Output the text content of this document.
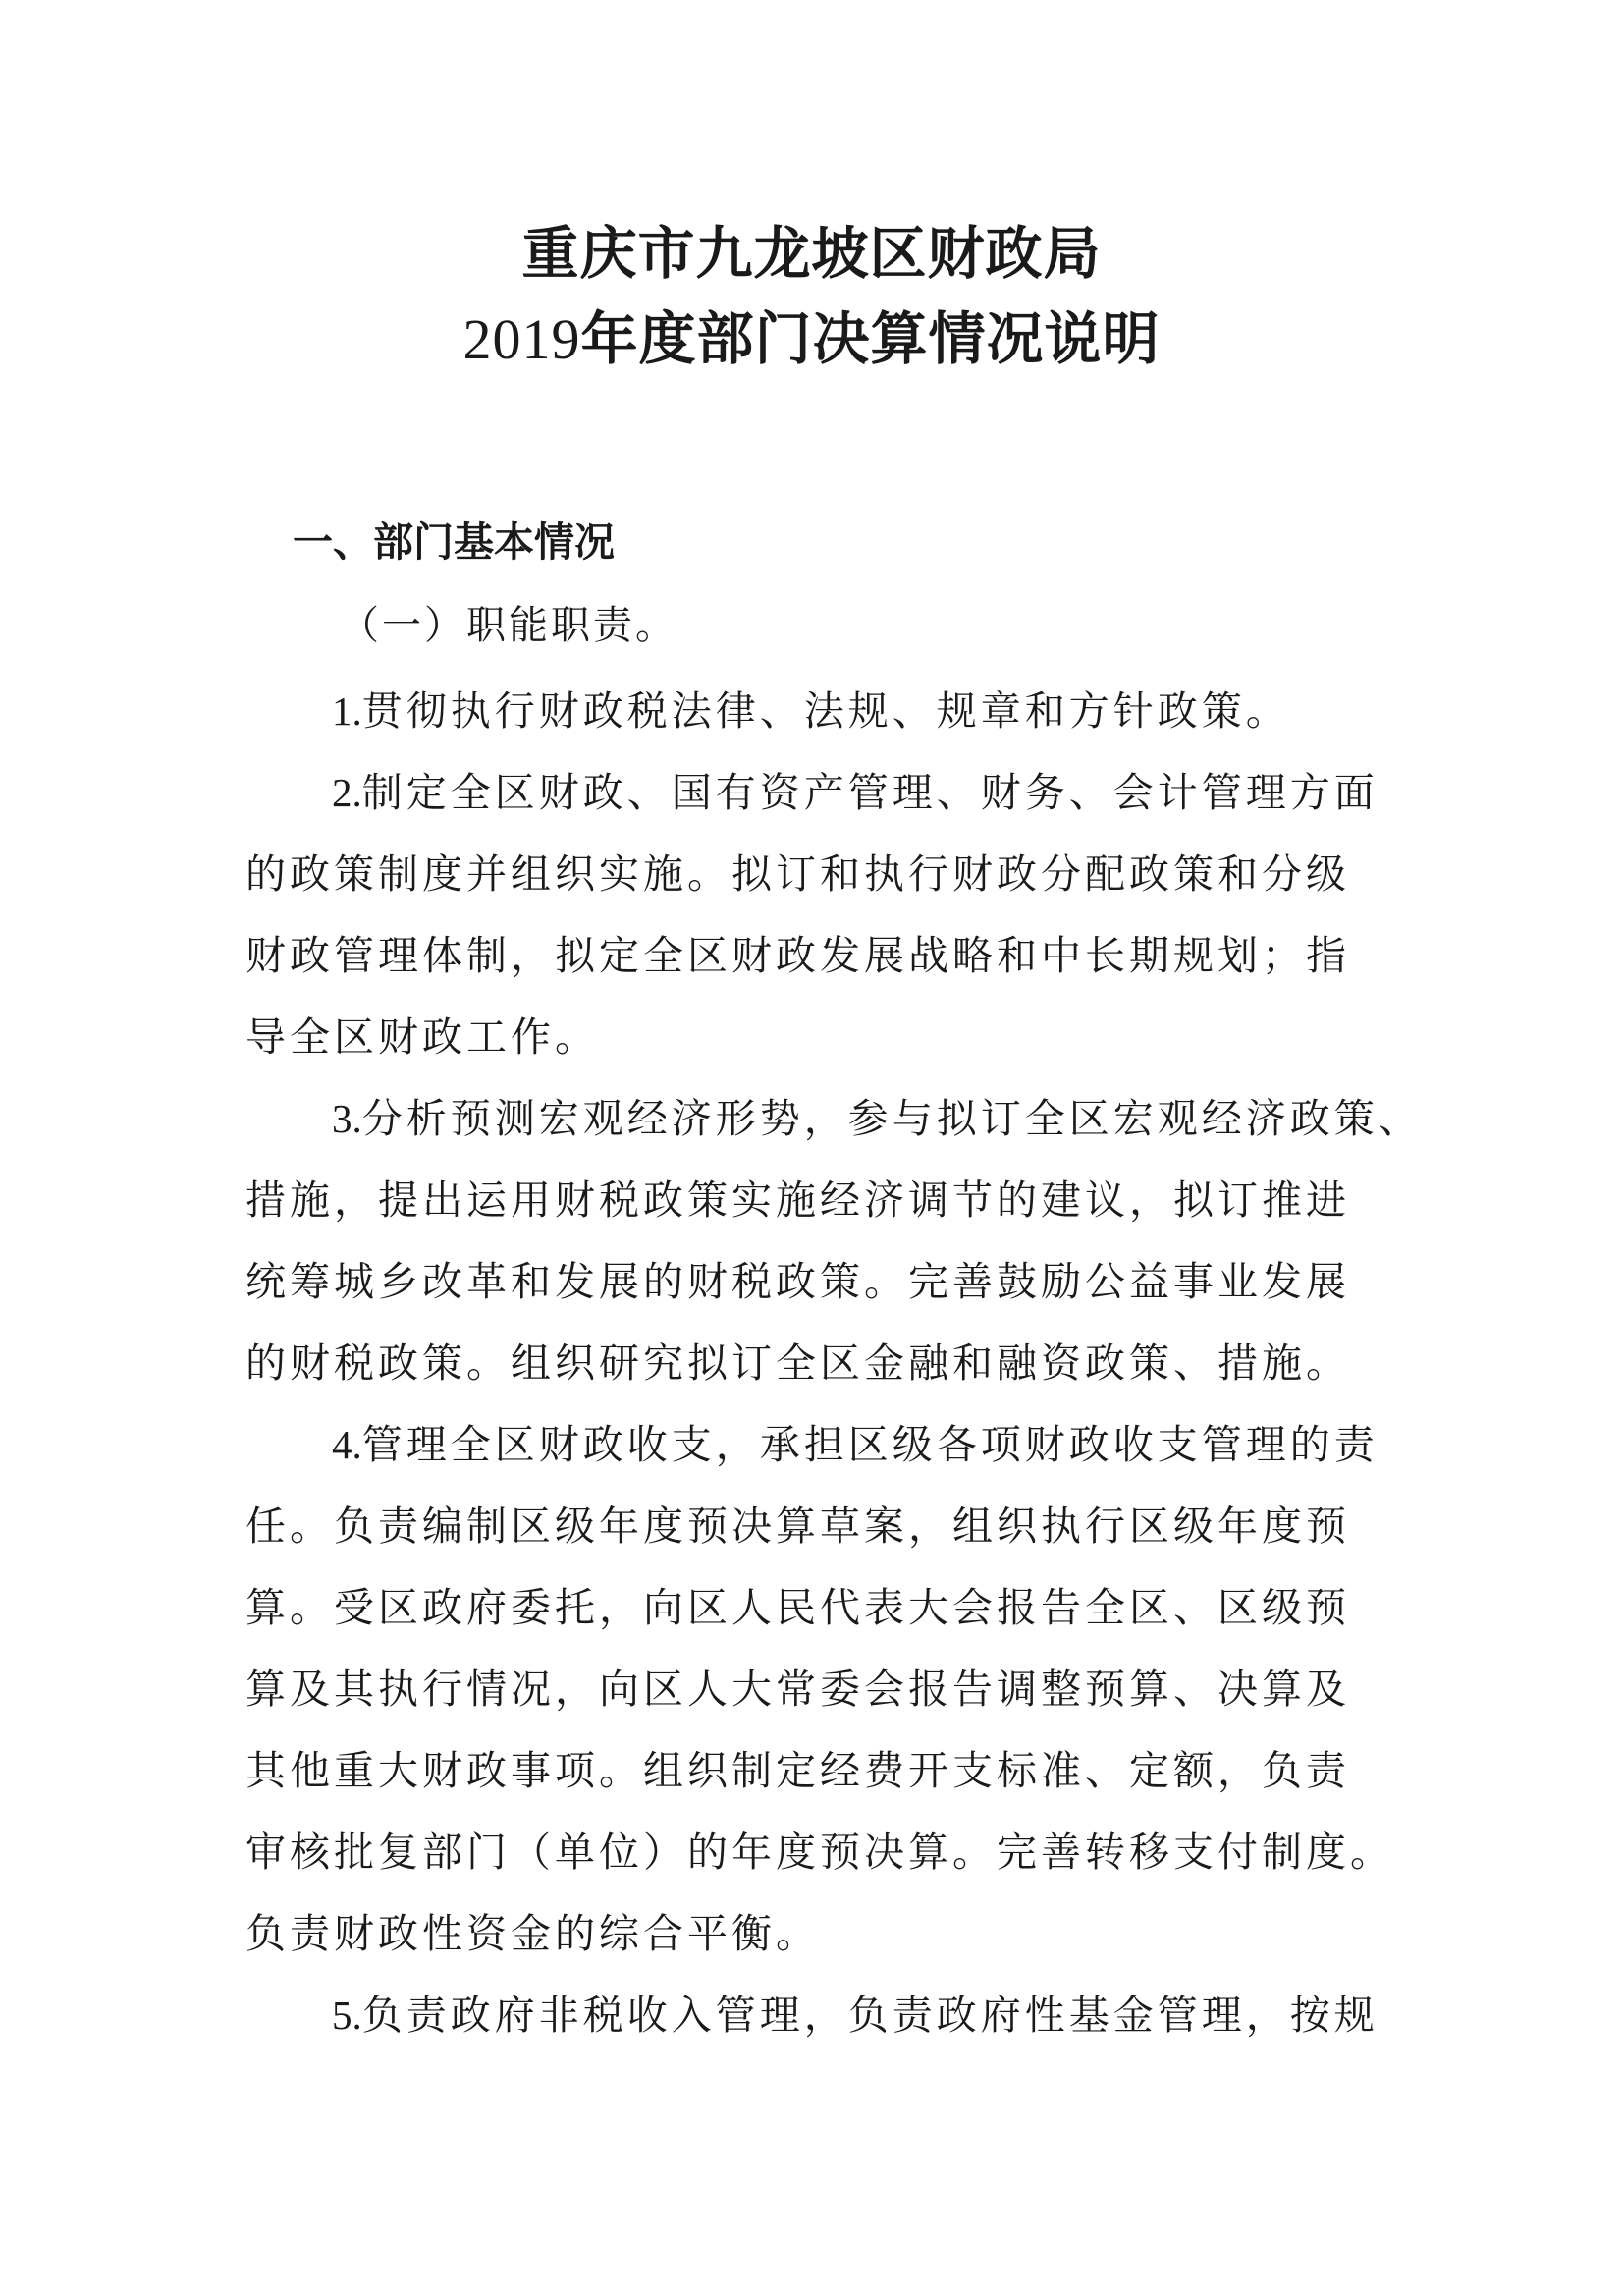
重庆市九龙坡区财政局
2019年度部门决算情况说明
一、部门基本情况
（一）职能职责。
1.贯彻执行财政税法律、法规、规章和方针政策。
2.制定全区财政、国有资产管理、财务、会计管理方面
的政策制度并组织实施。拟订和执行财政分配政策和分级
财政管理体制，拟定全区财政发展战略和中长期规划；指
导全区财政工作。
3.分析预测宏观经济形势，参与拟订全区宏观经济政策、
措施，提出运用财税政策实施经济调节的建议，拟订推进
统筹城乡改革和发展的财税政策。完善鼓励公益事业发展
的财税政策。组织研究拟订全区金融和融资政策、措施。
4.管理全区财政收支，承担区级各项财政收支管理的责
任。负责编制区级年度预决算草案，组织执行区级年度预
算。受区政府委托，向区人民代表大会报告全区、区级预
算及其执行情况，向区人大常委会报告调整预算、决算及
其他重大财政事项。组织制定经费开支标准、定额，负责
审核批复部门（单位）的年度预决算。完善转移支付制度。
负责财政性资金的综合平衡。
5.负责政府非税收入管理，负责政府性基金管理，按规
